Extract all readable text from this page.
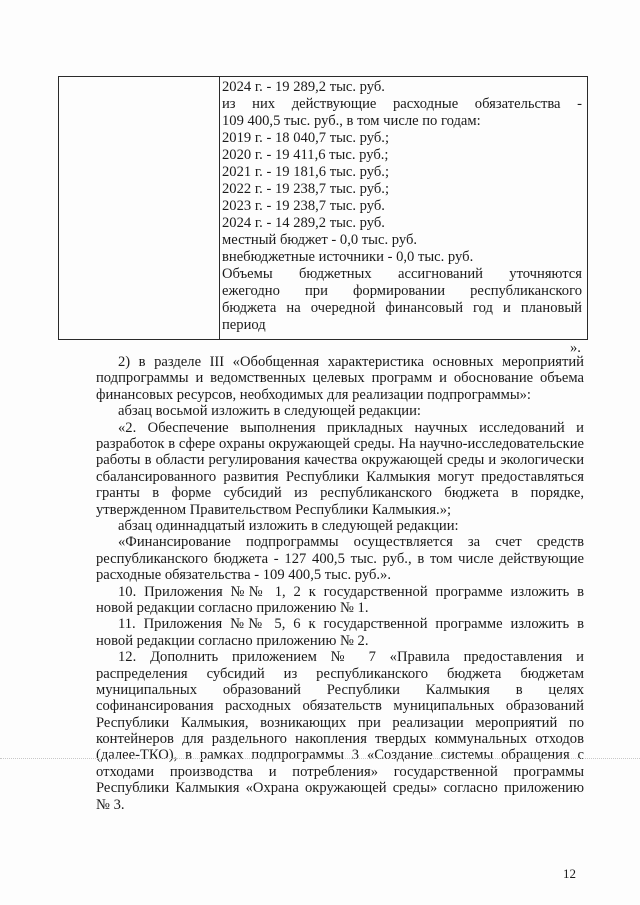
2024 г. - 19 289,2 тыс. руб.
из них действующие расходные обязательства -
109 400,5 тыс. руб., в том числе по годам:
2019 г. - 18 040,7 тыс. руб.;
2020 г. - 19 411,6 тыс. руб.;
2021 г. - 19 181,6 тыс. руб.;
2022 г. - 19 238,7 тыс. руб.;
2023 г. - 19 238,7 тыс. руб.
2024 г. - 14 289,2 тыс. руб.
местный бюджет - 0,0 тыс. руб.
внебюджетные источники - 0,0 тыс. руб.
Объемы бюджетных ассигнований уточняются
ежегодно при формировании республиканского
бюджета на очередной финансовый год и плановый
период
».
2) в разделе III «Обобщенная характеристика основных мероприятий
подпрограммы и ведомственных целевых программ и обоснование объема
финансовых ресурсов, необходимых для реализации подпрограммы»:
абзац восьмой изложить в следующей редакции:
«2. Обеспечение выполнения прикладных научных исследований и
разработок в сфере охраны окружающей среды. На научно-исследовательские
работы в области регулирования качества окружающей среды и экологически
сбалансированного развития Республики Калмыкия могут предоставляться
гранты в форме субсидий из республиканского бюджета в порядке,
утвержденном Правительством Республики Калмыкия.»;
абзац одиннадцатый изложить в следующей редакции:
«Финансирование подпрограммы осуществляется за счет средств
республиканского бюджета - 127 400,5 тыс. руб., в том числе действующие
расходные обязательства - 109 400,5 тыс. руб.».
10. Приложения №№ 1, 2 к государственной программе изложить в
новой редакции согласно приложению № 1.
11. Приложения №№ 5, 6 к государственной программе изложить в
новой редакции согласно приложению № 2.
12. Дополнить приложением № 7 «Правила предоставления и
распределения субсидий из республиканского бюджета бюджетам
муниципальных образований Республики Калмыкия в целях
софинансирования расходных обязательств муниципальных образований
Республики Калмыкия, возникающих при реализации мероприятий по
контейнеров для раздельного накопления твердых коммунальных отходов
(далее-ТКО), в рамках подпрограммы 3 «Создание системы обращения с
отходами производства и потребления» государственной программы
Республики Калмыкия «Охрана окружающей среды» согласно приложению
№ 3.
12
